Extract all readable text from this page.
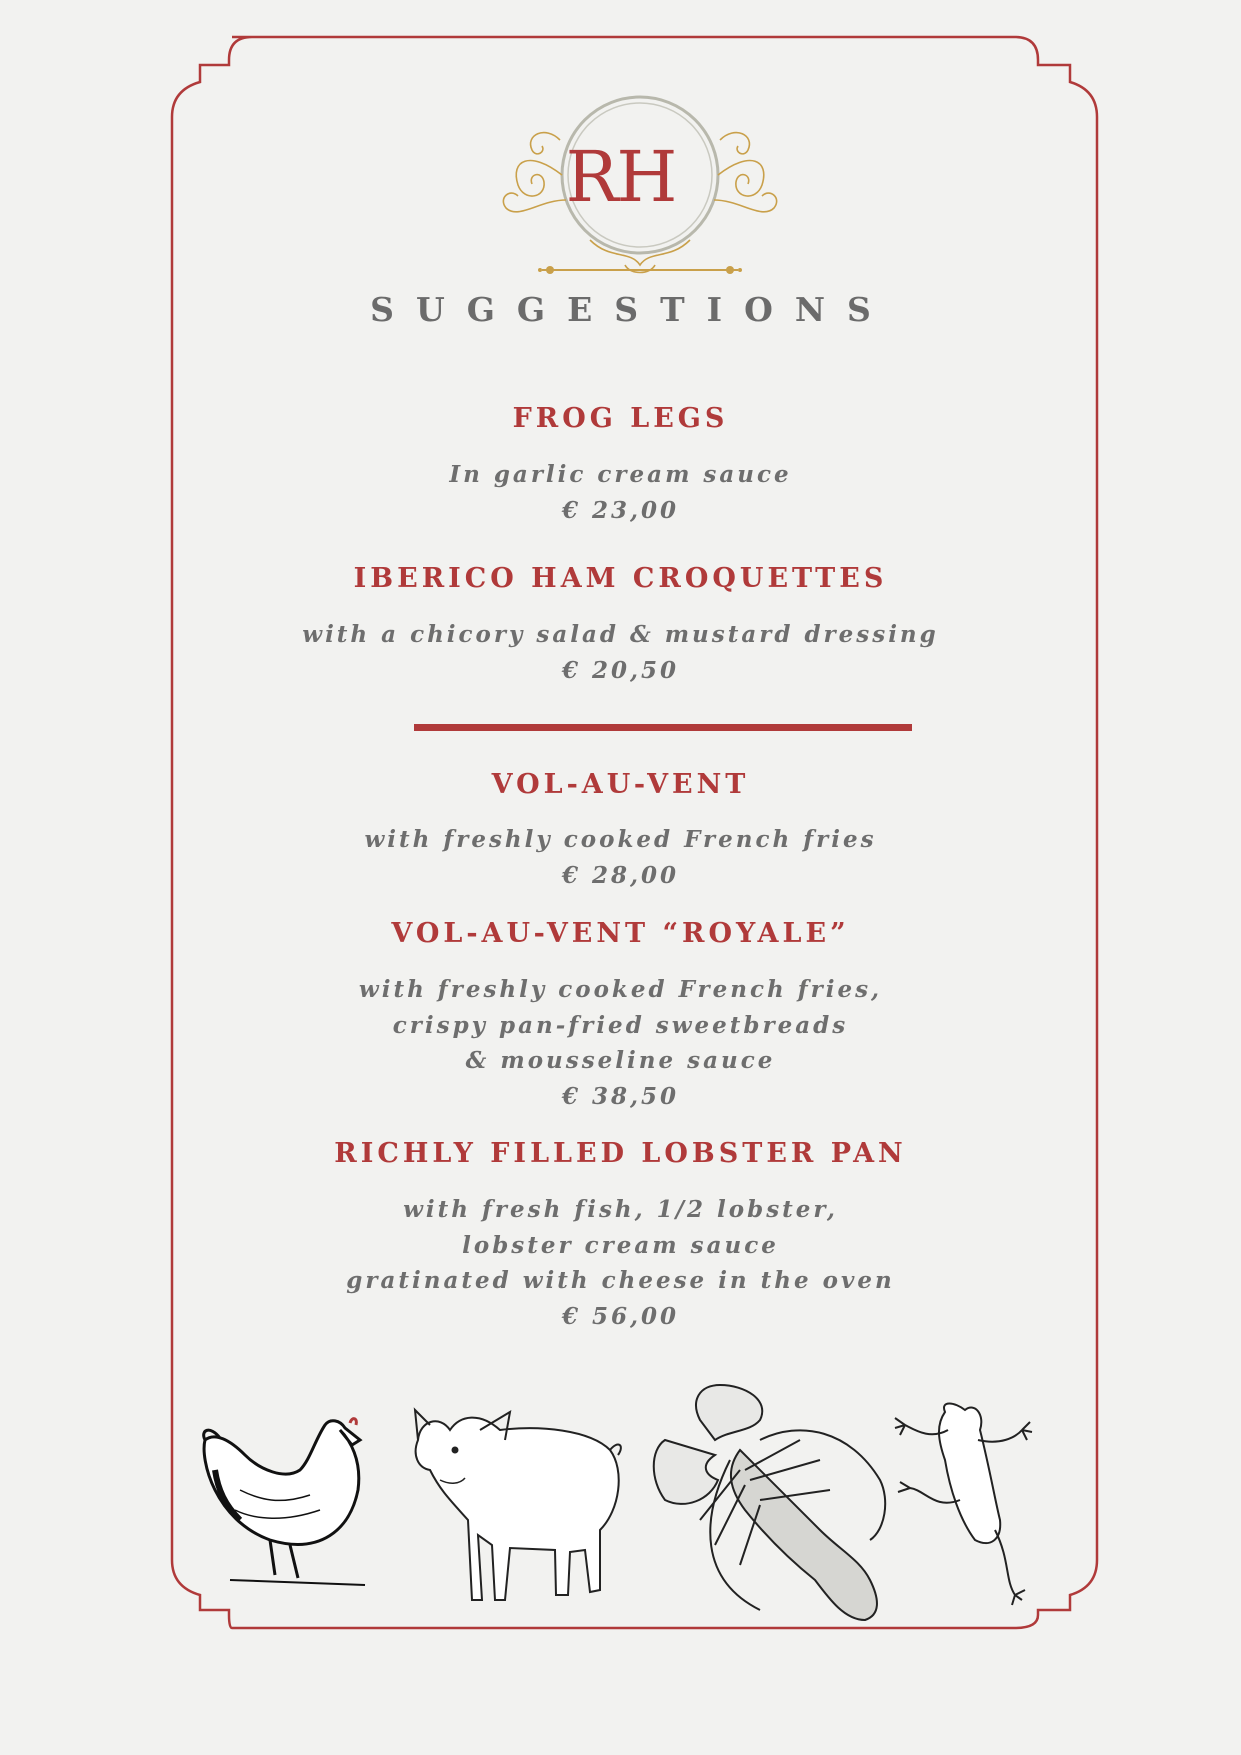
RH
SUGGESTIONS
FROG LEGS
In garlic cream sauce
€ 23,00
IBERICO HAM CROQUETTES
with a chicory salad & mustard dressing
€ 20,50
VOL-AU-VENT
with freshly cooked French fries
€ 28,00
VOL-AU-VENT “ROYALE”
with freshly cooked French fries,
crispy pan-fried sweetbreads
& mousseline sauce
€ 38,50
RICHLY FILLED LOBSTER PAN
with fresh fish, 1/2 lobster,
lobster cream sauce
gratinated with cheese in the oven
€ 56,00
